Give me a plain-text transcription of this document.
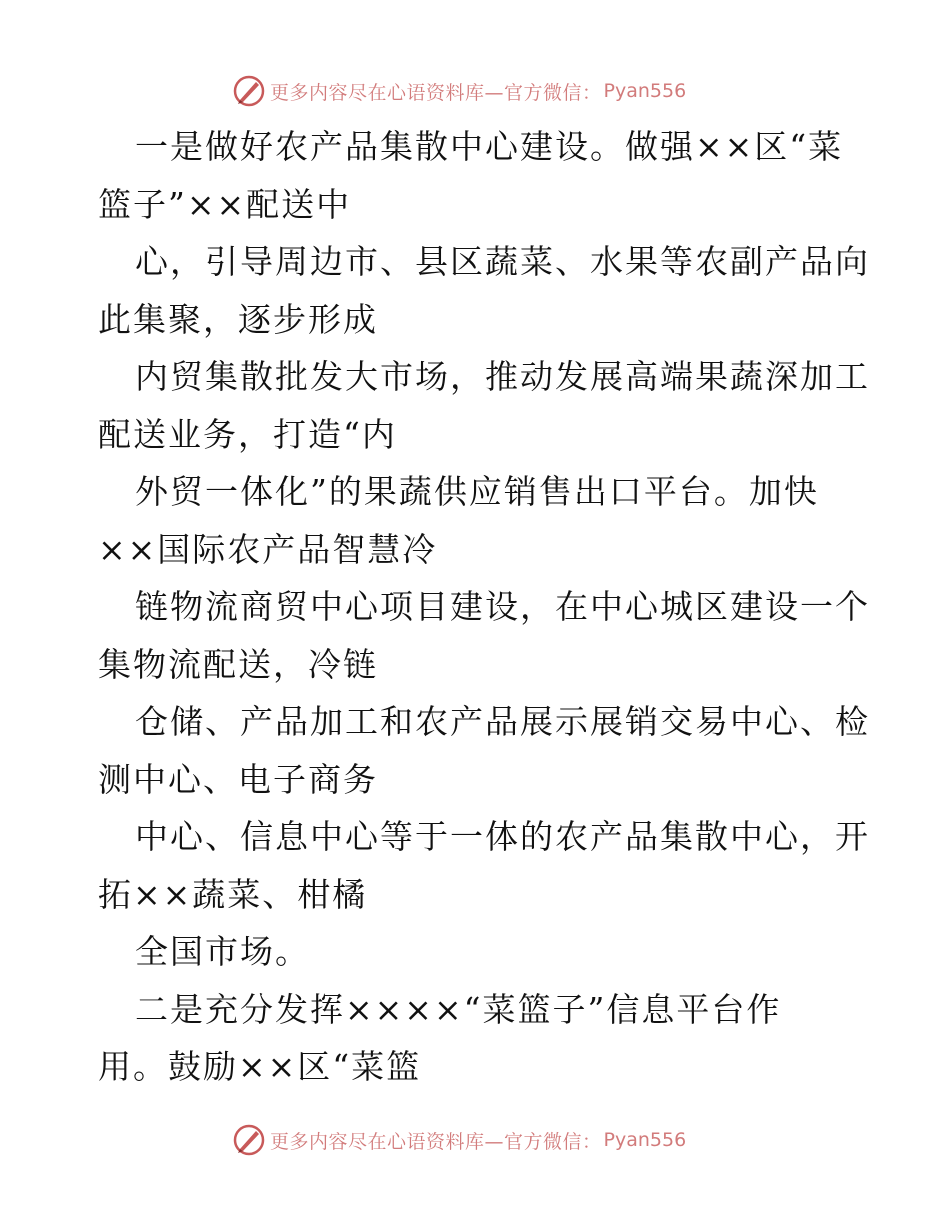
更多内容尽在心语资料库—官方微信： Pyan556
一是做好农产品集散中心建设。做强××区“菜
篮子”××配送中
心，引导周边市、县区蔬菜、水果等农副产品向
此集聚，逐步形成
内贸集散批发大市场，推动发展高端果蔬深加工
配送业务，打造“内
外贸一体化”的果蔬供应销售出口平台。加快
××国际农产品智慧冷
链物流商贸中心项目建设，在中心城区建设一个
集物流配送，冷链
仓储、产品加工和农产品展示展销交易中心、检
测中心、电子商务
中心、信息中心等于一体的农产品集散中心，开
拓××蔬菜、柑橘
全国市场。
二是充分发挥××××“菜篮子”信息平台作
用。鼓励××区“菜篮
更多内容尽在心语资料库—官方微信： Pyan556
